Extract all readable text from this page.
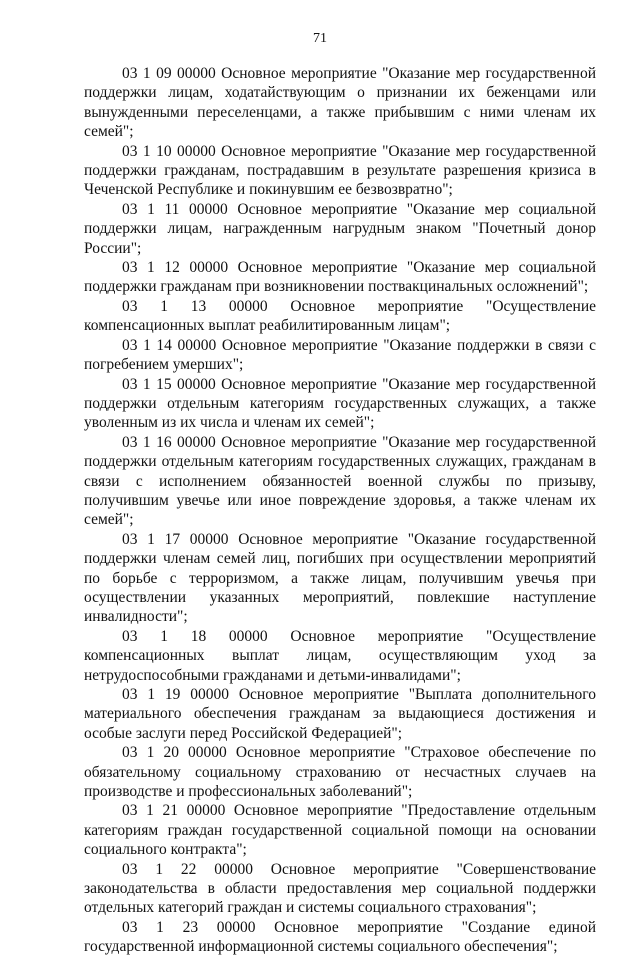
71

03 1 09 00000 Основное мероприятие "Оказание мер государственной поддержки лицам, ходатайствующим о признании их беженцами или вынужденными переселенцами, а также прибывшим с ними членам их семей";

03 1 10 00000 Основное мероприятие "Оказание мер государственной поддержки гражданам, пострадавшим в результате разрешения кризиса в Чеченской Республике и покинувшим ее безвозвратно";

03 1 11 00000 Основное мероприятие "Оказание мер социальной поддержки лицам, награжденным нагрудным знаком "Почетный донор России";

03 1 12 00000 Основное мероприятие "Оказание мер социальной поддержки гражданам при возникновении поствакцинальных осложнений";

03 1 13 00000 Основное мероприятие "Осуществление компенсационных выплат реабилитированным лицам";

03 1 14 00000 Основное мероприятие "Оказание поддержки в связи с погребением умерших";

03 1 15 00000 Основное мероприятие "Оказание мер государственной поддержки отдельным категориям государственных служащих, а также уволенным из их числа и членам их семей";

03 1 16 00000 Основное мероприятие "Оказание мер государственной поддержки отдельным категориям государственных служащих, гражданам в связи с исполнением обязанностей военной службы по призыву, получившим увечье или иное повреждение здоровья, а также членам их семей";

03 1 17 00000 Основное мероприятие "Оказание государственной поддержки членам семей лиц, погибших при осуществлении мероприятий по борьбе с терроризмом, а также лицам, получившим увечья при осуществлении указанных мероприятий, повлекшие наступление инвалидности";

03 1 18 00000 Основное мероприятие "Осуществление компенсационных выплат лицам, осуществляющим уход за нетрудоспособными гражданами и детьми-инвалидами";

03 1 19 00000 Основное мероприятие "Выплата дополнительного материального обеспечения гражданам за выдающиеся достижения и особые заслуги перед Российской Федерацией";

03 1 20 00000 Основное мероприятие "Страховое обеспечение по обязательному социальному страхованию от несчастных случаев на производстве и профессиональных заболеваний";

03 1 21 00000 Основное мероприятие "Предоставление отдельным категориям граждан государственной социальной помощи на основании социального контракта";

03 1 22 00000 Основное мероприятие "Совершенствование законодательства в области предоставления мер социальной поддержки отдельных категорий граждан и системы социального страхования";

03 1 23 00000 Основное мероприятие "Создание единой государственной информационной системы социального обеспечения";
